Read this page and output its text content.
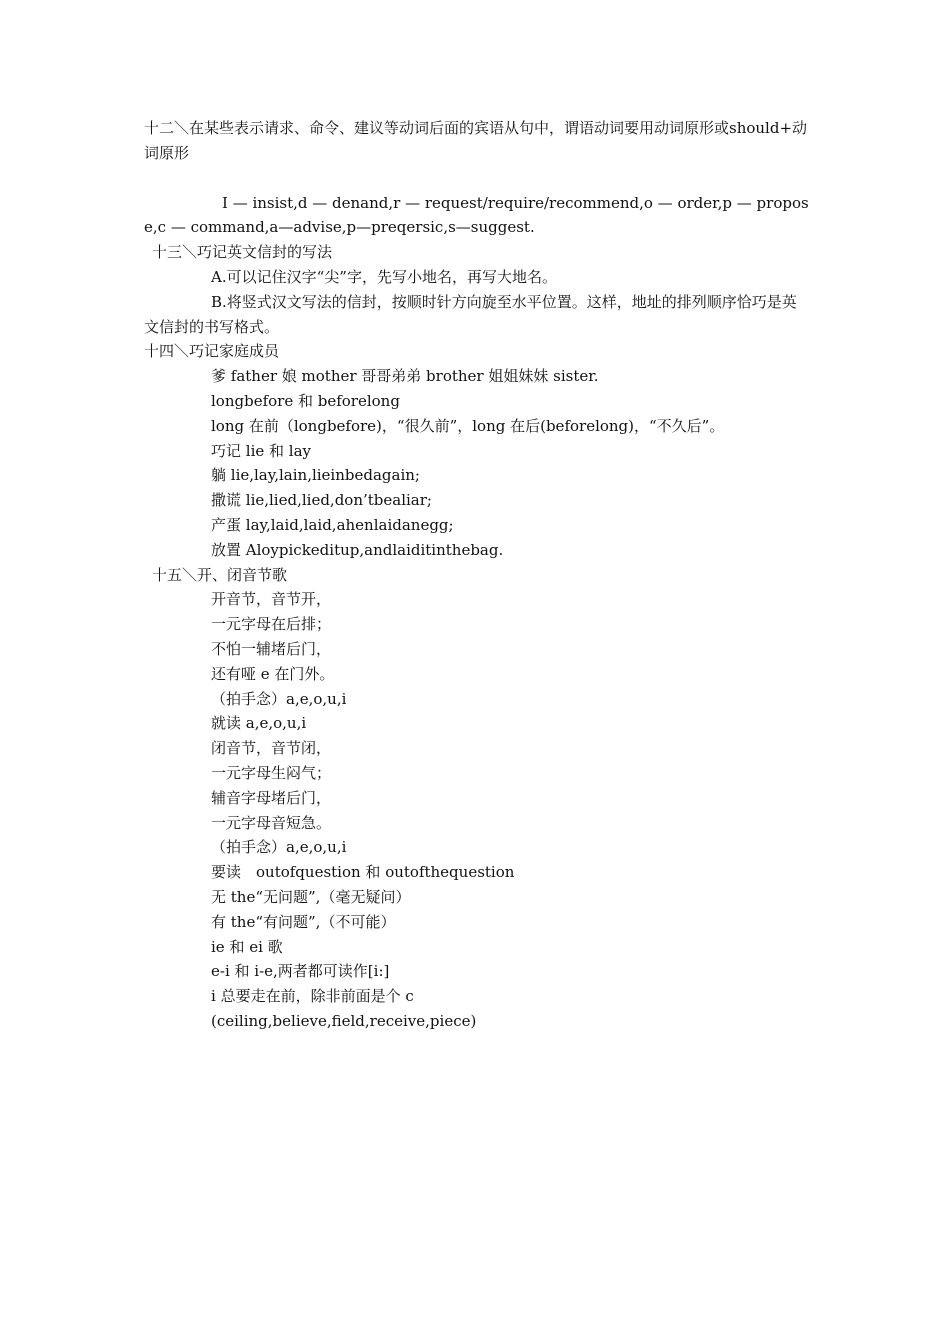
十二＼在某些表示请求、命令、建议等动词后面的宾语从句中，谓语动词要用动词原形或should+动词原形

I — insist,d — denand,r — request/require/recommend,o — order,p — propose,c — command,a—advise,p—preqersic,s—suggest.

十三＼巧记英文信封的写法

A.可以记住汉字“尖”字，先写小地名，再写大地名。

B.将竖式汉文写法的信封，按顺时针方向旋至水平位置。这样，地址的排列顺序恰巧是英文信封的书写格式。

十四＼巧记家庭成员

爹 father 娘 mother 哥哥弟弟 brother 姐姐妹妹 sister.

longbefore 和 beforelong

long 在前（longbefore)，“很久前”，long 在后(beforelong)，“不久后”。

巧记 lie 和 lay

躺 lie,lay,lain,lieinbedagain;

撒谎 lie,lied,lied,don’tbealiar;

产蛋 lay,laid,laid,ahenlaidanegg;

放置 Aloypickeditup,andlaiditinthebag.

十五＼开、闭音节歌

开音节，音节开，

一元字母在后排；

不怕一辅堵后门，

还有哑 e 在门外。

（拍手念）a,e,o,u,i

就读 a,e,o,u,i

闭音节，音节闭，

一元字母生闷气；

辅音字母堵后门，

一元字母音短急。

（拍手念）a,e,o,u,i

要读　outofquestion 和 outofthequestion

无 the“无问题”,（毫无疑问）

有 the“有问题”,（不可能）

ie 和 ei 歌

e-i 和 i-e,两者都可读作[i:]

i 总要走在前，除非前面是个 c

(ceiling,believe,field,receive,piece)
